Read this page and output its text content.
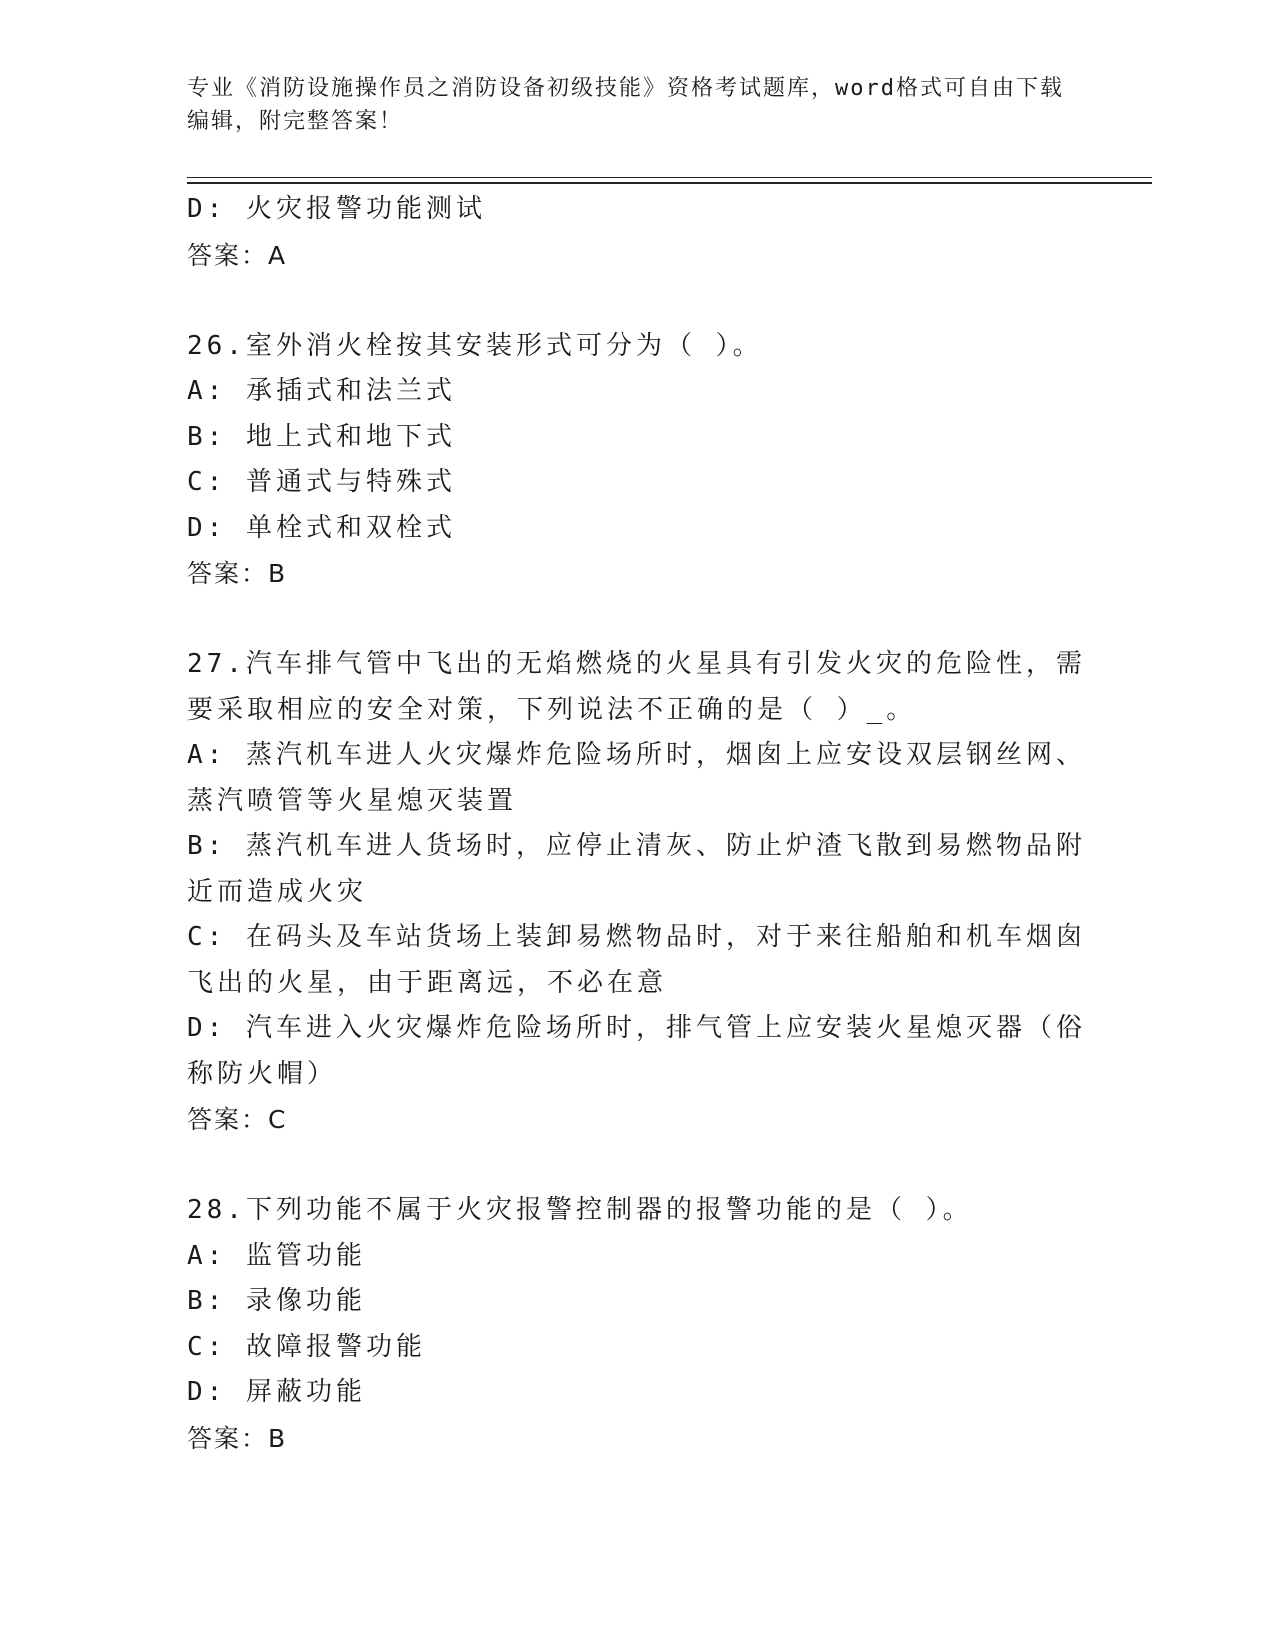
专业《消防设施操作员之消防设备初级技能》资格考试题库，word格式可自由下载编辑，附完整答案！

D: 火灾报警功能测试

答案：A

26.室外消火栓按其安装形式可分为（ ）。

A: 承插式和法兰式

B: 地上式和地下式

C: 普通式与特殊式

D: 单栓式和双栓式

答案：B

27.汽车排气管中飞出的无焰燃烧的火星具有引发火灾的危险性，需要采取相应的安全对策，下列说法不正确的是（ ）_。

A: 蒸汽机车进人火灾爆炸危险场所时，烟囱上应安设双层钢丝网、蒸汽喷管等火星熄灭装置

B: 蒸汽机车进人货场时，应停止清灰、防止炉渣飞散到易燃物品附近而造成火灾

C: 在码头及车站货场上装卸易燃物品时，对于来往船舶和机车烟囱飞出的火星，由于距离远，不必在意

D: 汽车进入火灾爆炸危险场所时，排气管上应安装火星熄灭器（俗称防火帽）

答案：C

28.下列功能不属于火灾报警控制器的报警功能的是（ ）。

A: 监管功能

B: 录像功能

C: 故障报警功能

D: 屏蔽功能

答案：B
